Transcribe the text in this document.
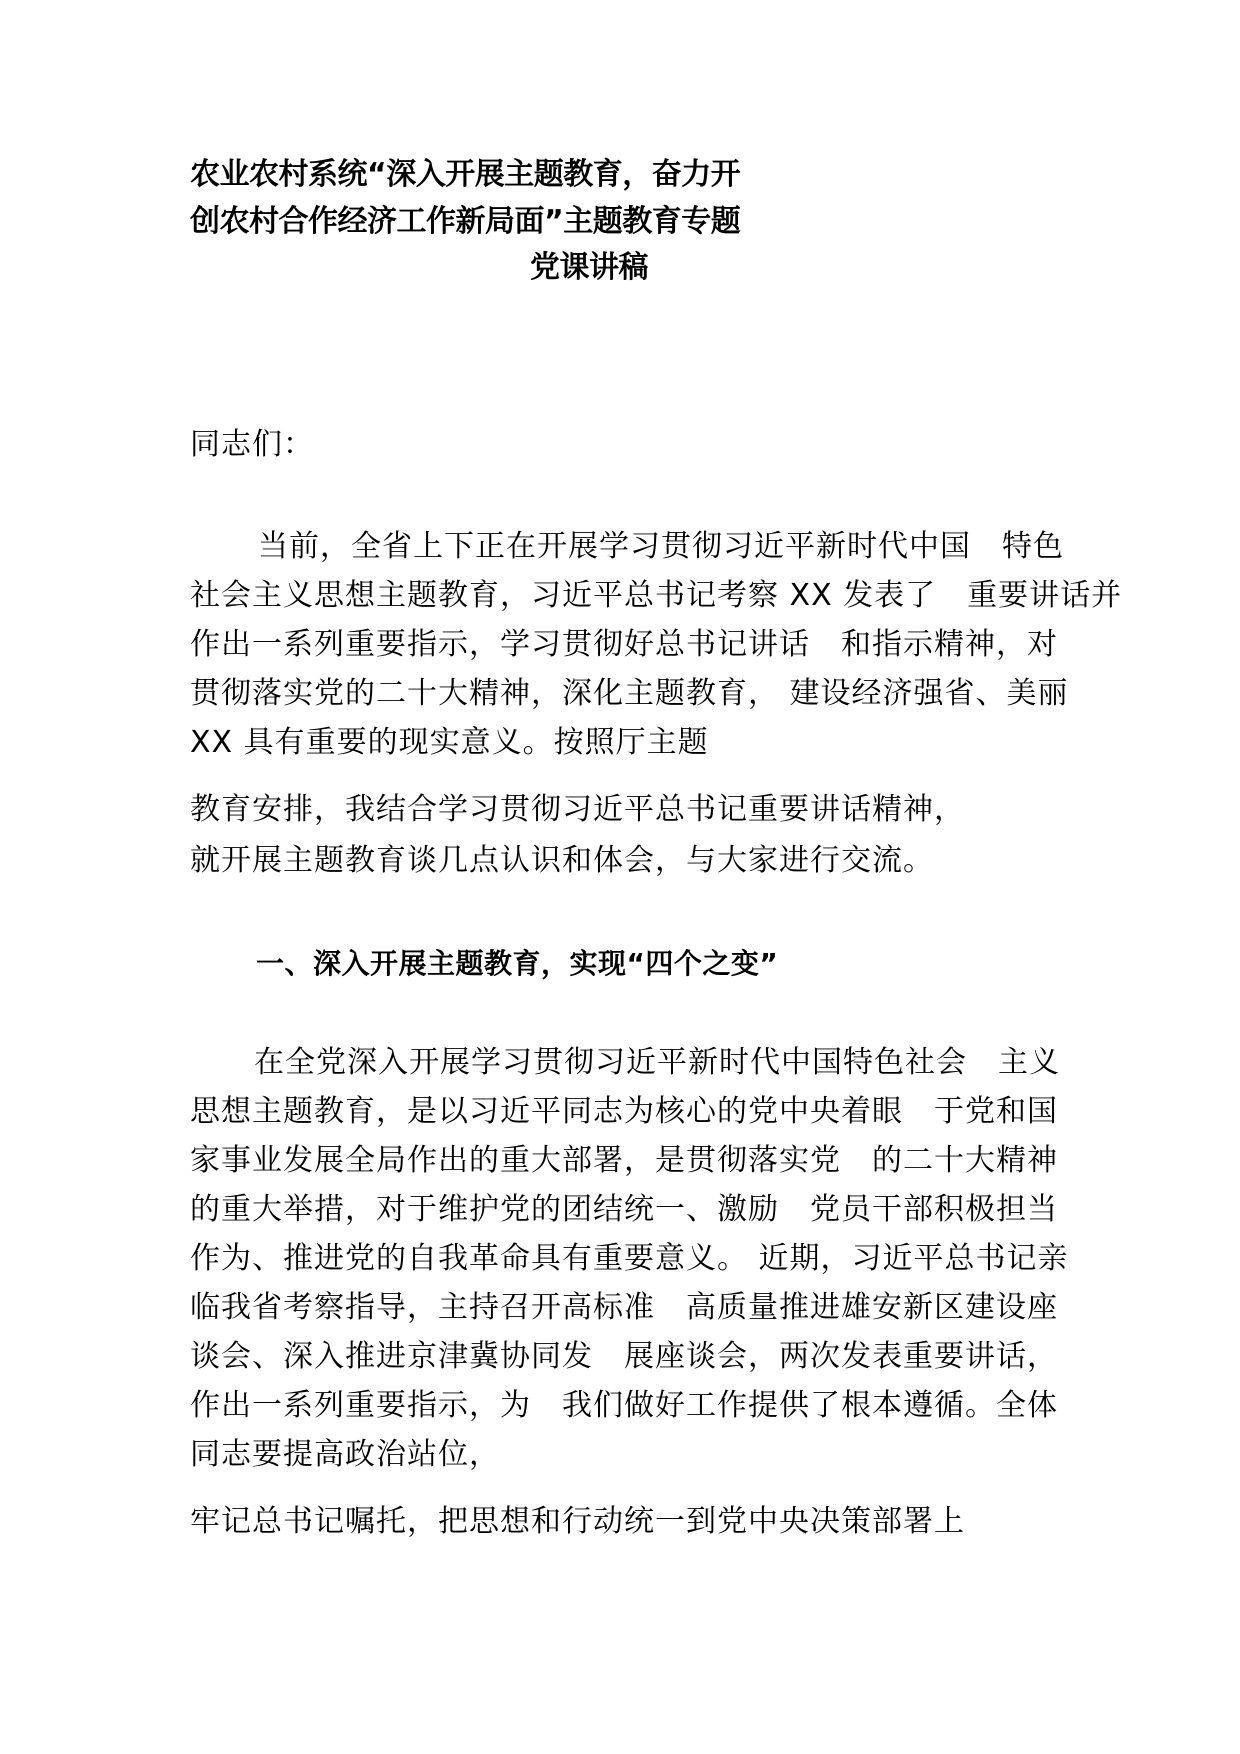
农业农村系统“深入开展主题教育，奋力开
创农村合作经济工作新局面”主题教育专题
党课讲稿
同志们：
当前，全省上下正在开展学习贯彻习近平新时代中国　特色
社会主义思想主题教育，习近平总书记考察 XX 发表了　重要讲话并
作出一系列重要指示，学习贯彻好总书记讲话　和指示精神，对
贯彻落实党的二十大精神，深化主题教育， 建设经济强省、美丽
XX 具有重要的现实意义。按照厅主题
教育安排，我结合学习贯彻习近平总书记重要讲话精神，
就开展主题教育谈几点认识和体会，与大家进行交流。
一、深入开展主题教育，实现“四个之变”
在全党深入开展学习贯彻习近平新时代中国特色社会　主义
思想主题教育，是以习近平同志为核心的党中央着眼　于党和国
家事业发展全局作出的重大部署，是贯彻落实党　的二十大精神
的重大举措，对于维护党的团结统一、激励　党员干部积极担当
作为、推进党的自我革命具有重要意义。 近期，习近平总书记亲
临我省考察指导，主持召开高标准　高质量推进雄安新区建设座
谈会、深入推进京津冀协同发　展座谈会，两次发表重要讲话，
作出一系列重要指示，为　我们做好工作提供了根本遵循。全体
同志要提高政治站位，
牢记总书记嘱托，把思想和行动统一到党中央决策部署上
